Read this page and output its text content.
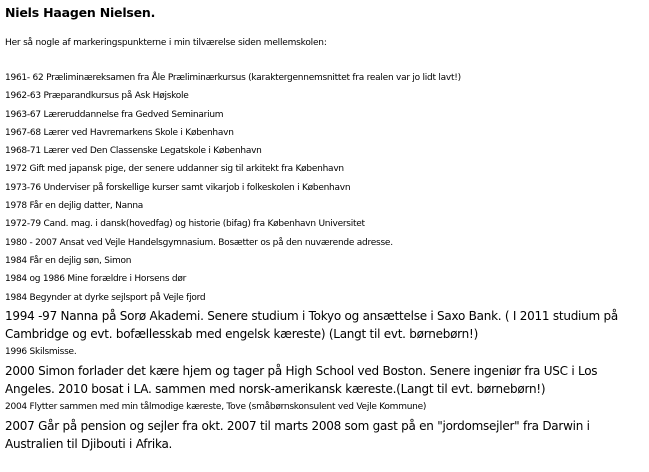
Niels Haagen Nielsen.
Her så nogle af markeringspunkterne i min tilværelse siden mellemskolen:
1961- 62 Præliminæreksamen fra Åle Præliminærkursus (karaktergennemsnittet fra realen var jo lidt lavt!)
1962-63 Præparandkursus på Ask Højskole
1963-67 Læreruddannelse fra Gedved Seminarium
1967-68 Lærer ved Havremarkens Skole i København
1968-71 Lærer ved Den Classenske Legatskole i København
1972 Gift med japansk pige, der senere uddanner sig til arkitekt fra København
1973-76 Underviser på forskellige kurser samt vikarjob i folkeskolen i København
1978 Får en dejlig datter, Nanna
1972-79 Cand. mag. i dansk(hovedfag) og historie (bifag) fra København Universitet
1980 - 2007 Ansat ved Vejle Handelsgymnasium. Bosætter os på den nuværende adresse.
1984 Får en dejlig søn, Simon
1984 og 1986 Mine forældre i Horsens dør
1984 Begynder at dyrke sejlsport på Vejle fjord
1994 -97 Nanna på Sorø Akademi. Senere studium i Tokyo og ansættelse i Saxo Bank. ( I 2011 studium på Cambridge og evt. bofællesskab med engelsk kæreste) (Langt til evt. børnebørn!)
1996 Skilsmisse.
2000 Simon forlader det kære hjem og tager på High School ved Boston. Senere ingeniør fra USC i Los Angeles. 2010 bosat i LA. sammen med norsk-amerikansk kæreste.(Langt til evt. børnebørn!)
2004 Flytter sammen med min tålmodige kæreste, Tove (småbørnskonsulent ved Vejle Kommune)
2007 Går på pension og sejler fra okt. 2007 til marts 2008 som gast på en "jordomsejler" fra Darwin i Australien til Djibouti i Afrika.
